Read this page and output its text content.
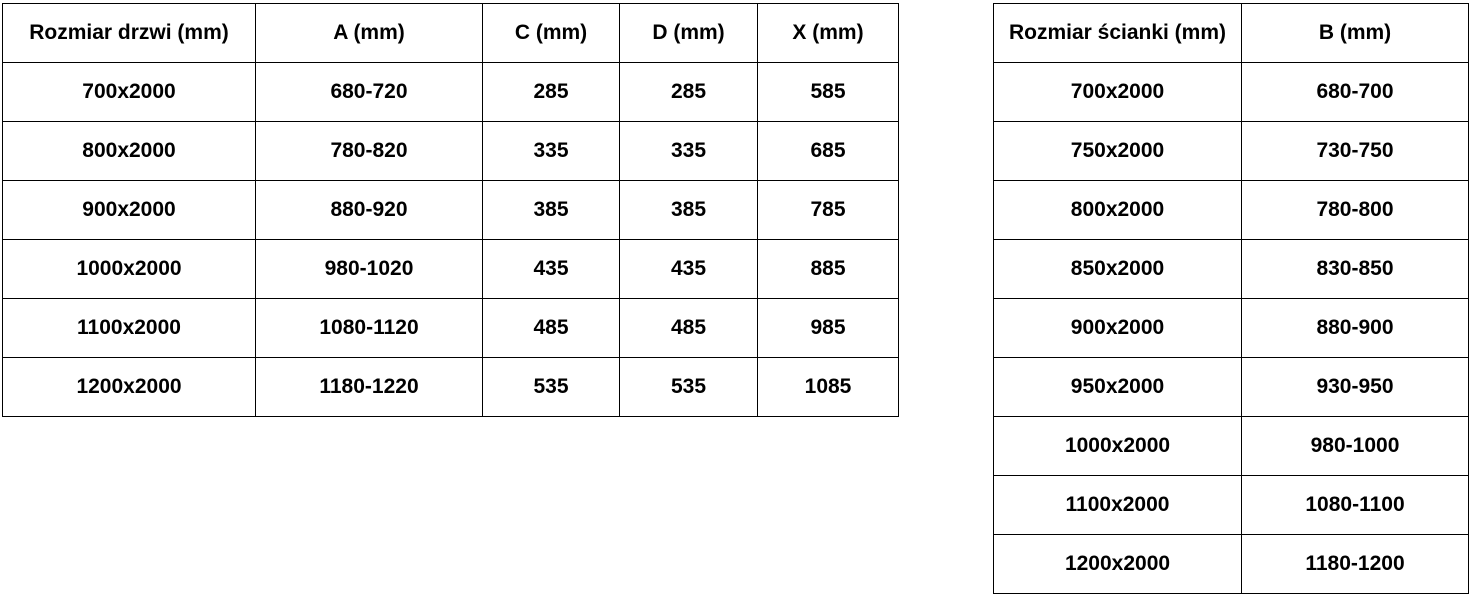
Rozmiar drzwi (mm)	A (mm)	C (mm)	D (mm)	X (mm)
700x2000	680-720	285	285	585
800x2000	780-820	335	335	685
900x2000	880-920	385	385	785
1000x2000	980-1020	435	435	885
1100x2000	1080-1120	485	485	985
1200x2000	1180-1220	535	535	1085
Rozmiar ścianki (mm)	B (mm)
700x2000	680-700
750x2000	730-750
800x2000	780-800
850x2000	830-850
900x2000	880-900
950x2000	930-950
1000x2000	980-1000
1100x2000	1080-1100
1200x2000	1180-1200
